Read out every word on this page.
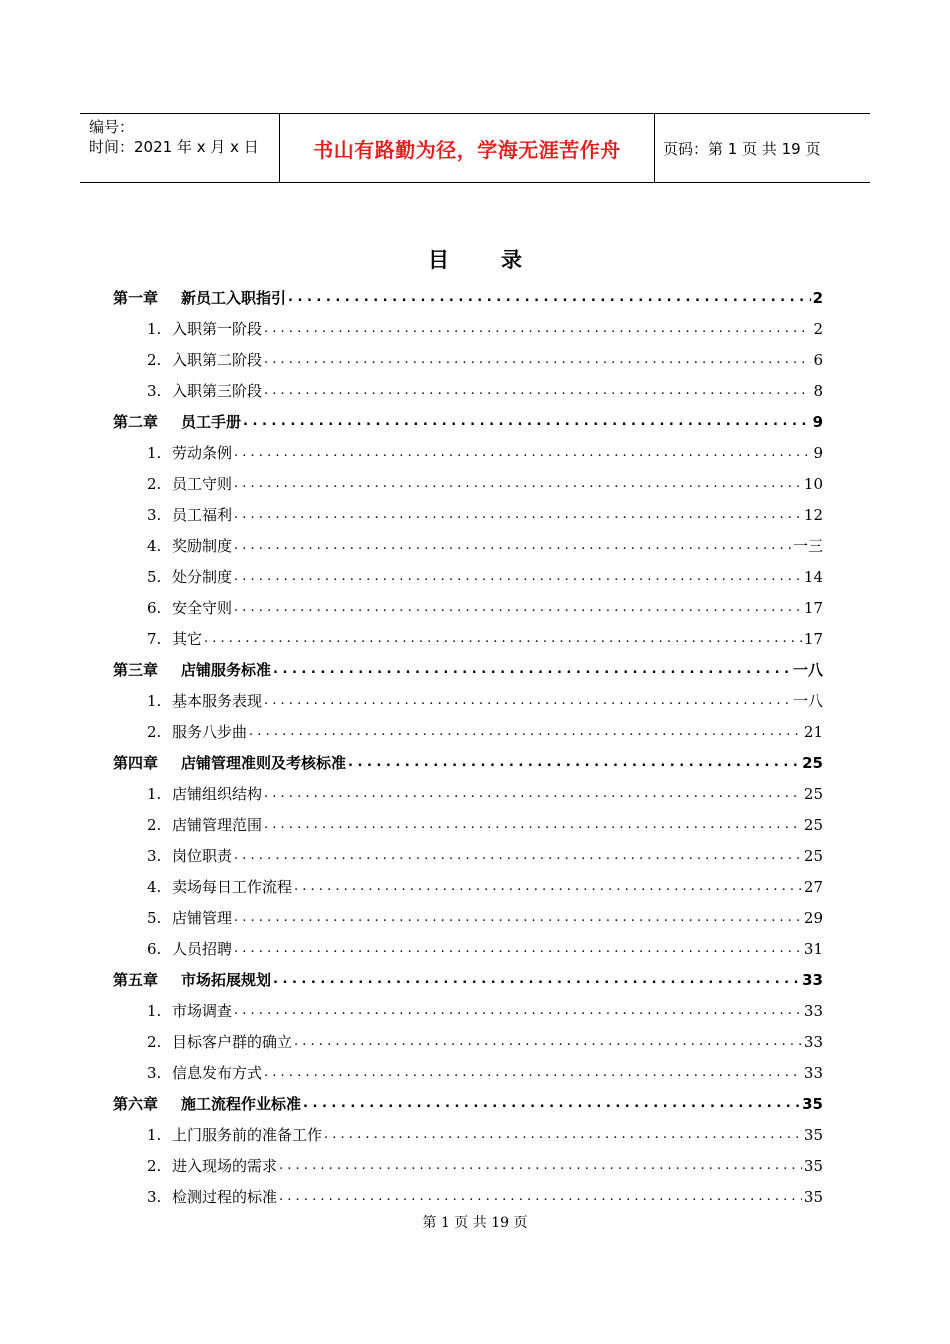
编号：
时间：2021 年 x 月 x 日	书山有路勤为径，学海无涯苦作舟	页码：第 1 页 共 19 页
目 录
第一章 新员工入职指引 . . .	2
1. 入职第一阶段 . . .	2
2. 入职第二阶段 . . .	6
3. 入职第三阶段 . . .	8
第二章 员工手册 . . .	9
1. 劳动条例 . . .	9
2. 员工守则 . . .	10
3. 员工福利 . . .	12
4. 奖励制度 . . .	一三
5. 处分制度 . . .	14
6. 安全守则 . . .	17
7. 其它 . . .	17
第三章 店铺服务标准 . . .	一八
1. 基本服务表现 . . .	一八
2. 服务八步曲 . . .	21
第四章 店铺管理准则及考核标准 . . .	25
1. 店铺组织结构 . . .	25
2. 店铺管理范围 . . .	25
3. 岗位职责 . . .	25
4. 卖场每日工作流程 . . .	27
5. 店铺管理 . . .	29
6. 人员招聘 . . .	31
第五章 市场拓展规划 . . .	33
1. 市场调查 . . .	33
2. 目标客户群的确立 . . .	33
3. 信息发布方式 . . .	33
第六章 施工流程作业标准 . . .	35
1. 上门服务前的准备工作 . . .	35
2. 进入现场的需求 . . .	35
3. 检测过程的标准 . . .	35
第 1 页 共 19 页
